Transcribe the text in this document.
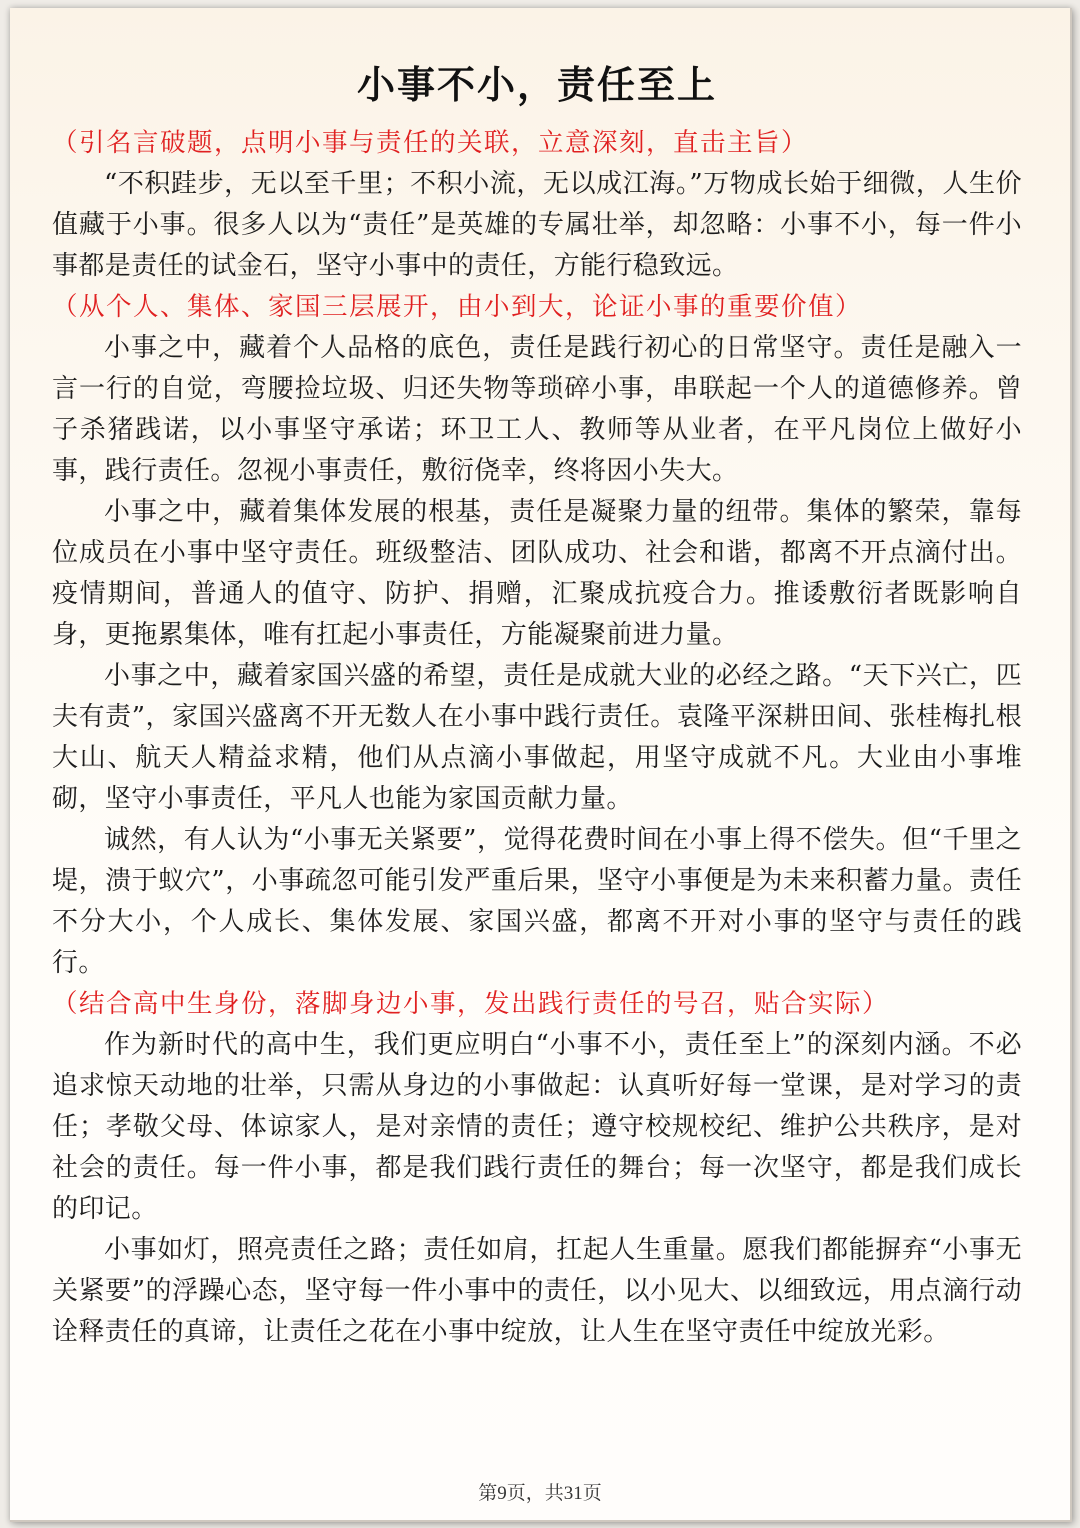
小事不小，责任至上

（引名言破题，点明小事与责任的关联，立意深刻，直击主旨）

“不积跬步，无以至千里；不积小流，无以成江海。”万物成长始于细微，人生价值藏于小事。很多人以为“责任”是英雄的专属壮举，却忽略：小事不小，每一件小事都是责任的试金石，坚守小事中的责任，方能行稳致远。

（从个人、集体、家国三层展开，由小到大，论证小事的重要价值）

小事之中，藏着个人品格的底色，责任是践行初心的日常坚守。责任是融入一言一行的自觉，弯腰捡垃圾、归还失物等琐碎小事，串联起一个人的道德修养。曾子杀猪践诺，以小事坚守承诺；环卫工人、教师等从业者，在平凡岗位上做好小事，践行责任。忽视小事责任，敷衍侥幸，终将因小失大。

小事之中，藏着集体发展的根基，责任是凝聚力量的纽带。集体的繁荣，靠每位成员在小事中坚守责任。班级整洁、团队成功、社会和谐，都离不开点滴付出。疫情期间，普通人的值守、防护、捐赠，汇聚成抗疫合力。推诿敷衍者既影响自身，更拖累集体，唯有扛起小事责任，方能凝聚前进力量。

小事之中，藏着家国兴盛的希望，责任是成就大业的必经之路。“天下兴亡，匹夫有责”，家国兴盛离不开无数人在小事中践行责任。袁隆平深耕田间、张桂梅扎根大山、航天人精益求精，他们从点滴小事做起，用坚守成就不凡。大业由小事堆砌，坚守小事责任，平凡人也能为家国贡献力量。

诚然，有人认为“小事无关紧要”，觉得花费时间在小事上得不偿失。但“千里之堤，溃于蚁穴”，小事疏忽可能引发严重后果，坚守小事便是为未来积蓄力量。责任不分大小，个人成长、集体发展、家国兴盛，都离不开对小事的坚守与责任的践行。

（结合高中生身份，落脚身边小事，发出践行责任的号召，贴合实际）

作为新时代的高中生，我们更应明白“小事不小，责任至上”的深刻内涵。不必追求惊天动地的壮举，只需从身边的小事做起：认真听好每一堂课，是对学习的责任；孝敬父母、体谅家人，是对亲情的责任；遵守校规校纪、维护公共秩序，是对社会的责任。每一件小事，都是我们践行责任的舞台；每一次坚守，都是我们成长的印记。

小事如灯，照亮责任之路；责任如肩，扛起人生重量。愿我们都能摒弃“小事无关紧要”的浮躁心态，坚守每一件小事中的责任，以小见大、以细致远，用点滴行动诠释责任的真谛，让责任之花在小事中绽放，让人生在坚守责任中绽放光彩。

第9页，共31页
